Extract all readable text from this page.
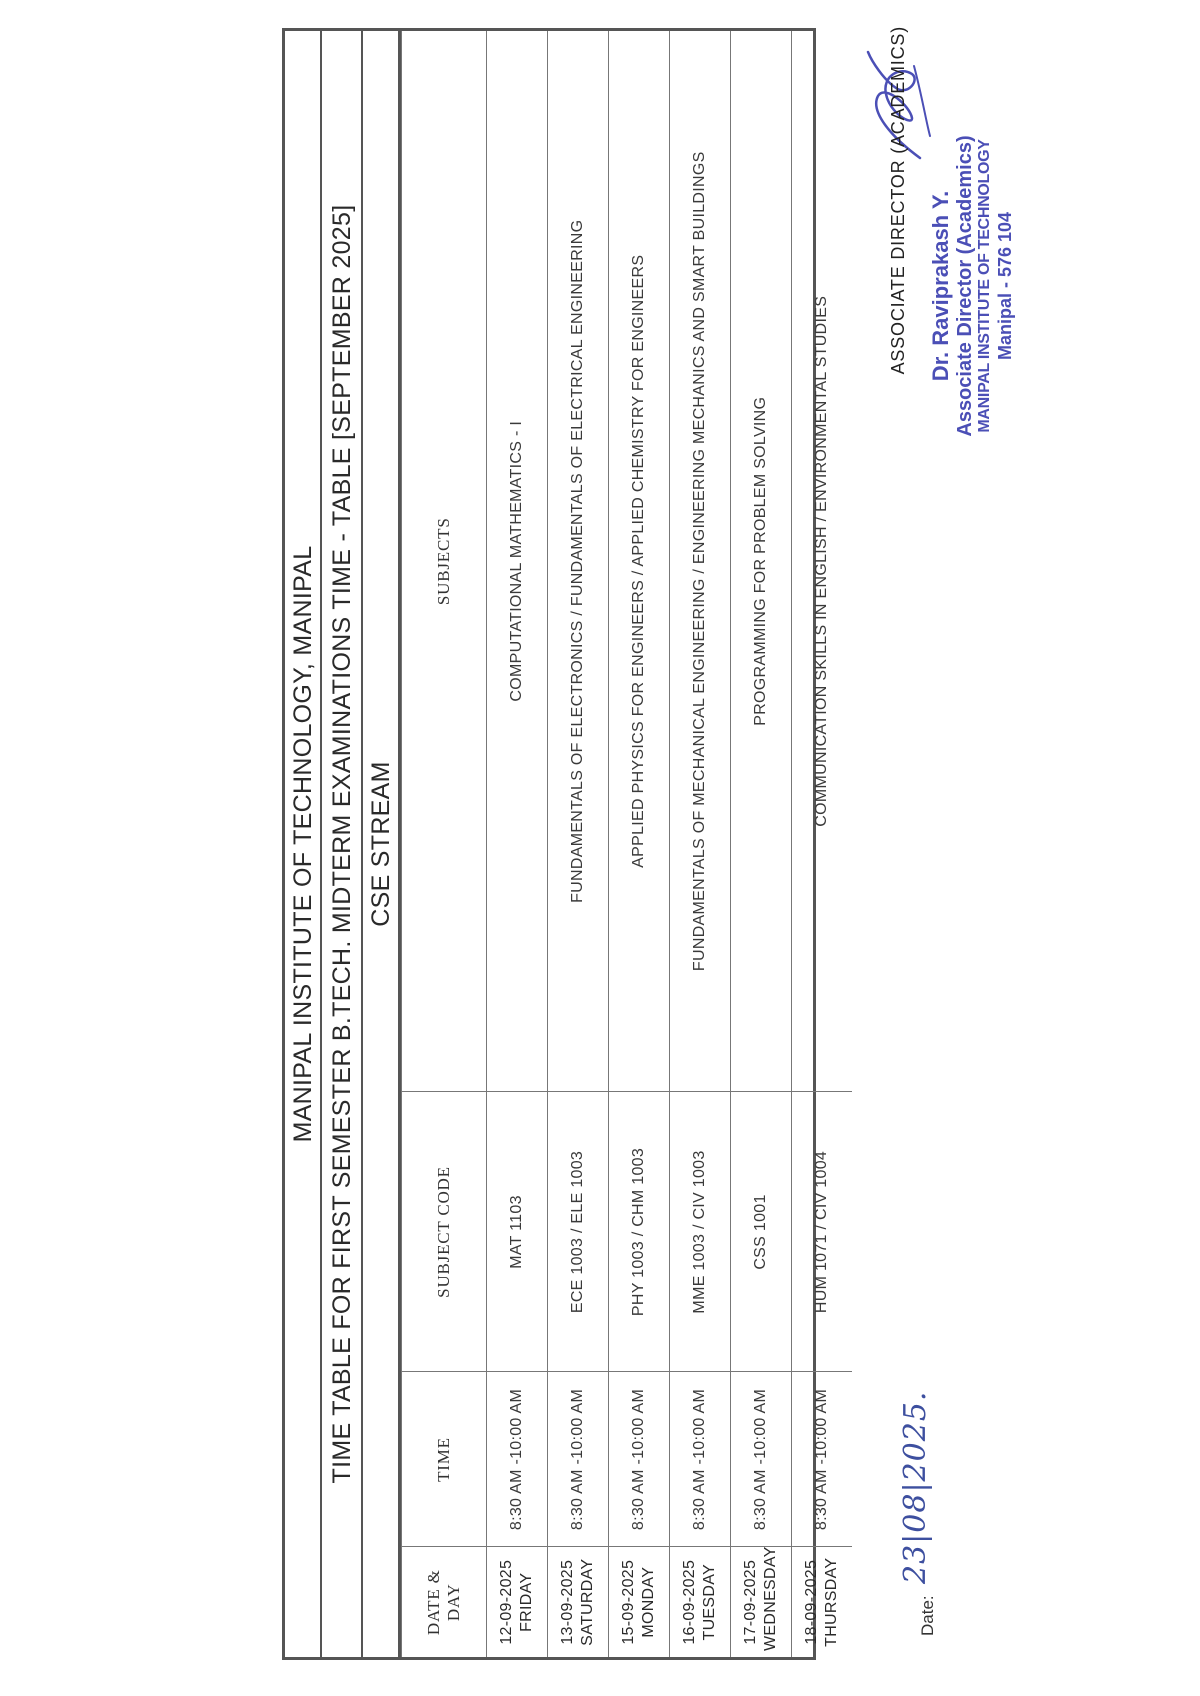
MANIPAL INSTITUTE OF TECHNOLOGY, MANIPAL TIME TABLE FOR FIRST SEMESTER B.TECH. MIDTERM EXAMINATIONS TIME - TABLE [SEPTEMBER 2025] CSE STREAM
DATE & DAY	TIME	SUBJECT CODE	SUBJECTS
12-09-2025 FRIDAY	8:30 AM -10:00 AM	MAT 1103	COMPUTATIONAL MATHEMATICS - I
13-09-2025 SATURDAY	8:30 AM -10:00 AM	ECE 1003 / ELE 1003	FUNDAMENTALS OF ELECTRONICS / FUNDAMENTALS OF ELECTRICAL ENGINEERING
15-09-2025 MONDAY	8:30 AM -10:00 AM	PHY 1003 / CHM 1003	APPLIED PHYSICS FOR ENGINEERS / APPLIED CHEMISTRY FOR ENGINEERS
16-09-2025 TUESDAY	8:30 AM -10:00 AM	MME 1003 / CIV 1003	FUNDAMENTALS OF MECHANICAL ENGINEERING / ENGINEERING MECHANICS AND SMART BUILDINGS
17-09-2025 WEDNESDAY	8:30 AM -10:00 AM	CSS 1001	PROGRAMMING FOR PROBLEM SOLVING
18-09-2025 THURSDAY	8:30 AM -10:00 AM	HUM 1071 / CIV 1004	COMMUNICATION SKILLS IN ENGLISH / ENVIRONMENTAL STUDIES
Date:
23|08|2025.
ASSOCIATE DIRECTOR (ACADEMICS) Dr. Raviprakash Y. Associate Director (Academics) MANIPAL INSTITUTE OF TECHNOLOGY Manipal - 576 104
